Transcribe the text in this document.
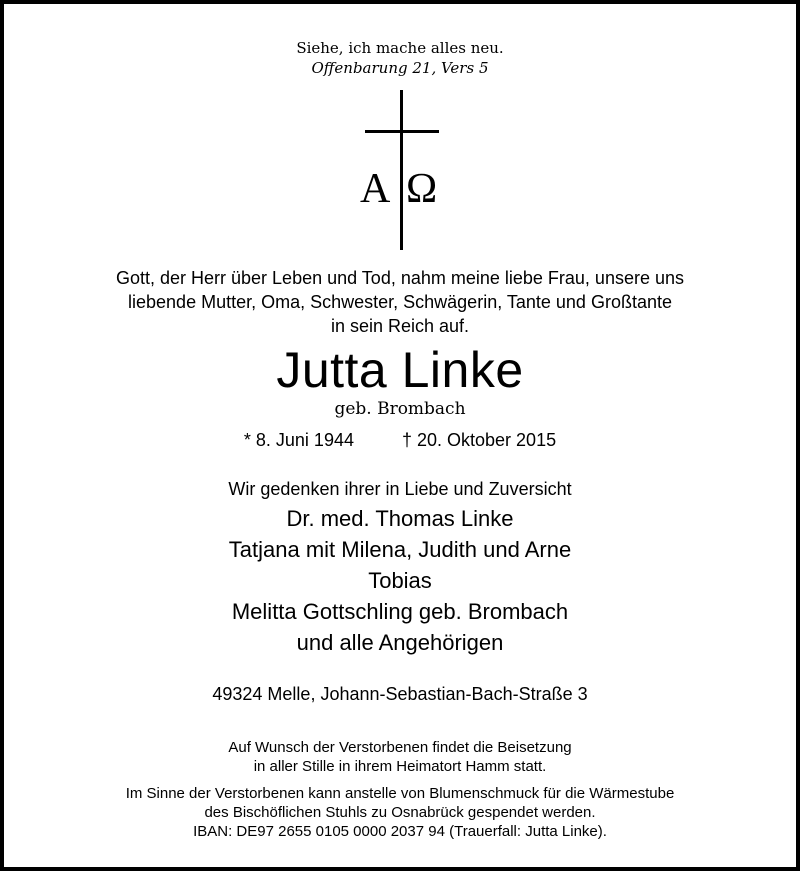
Siehe, ich mache alles neu.
Offenbarung 21, Vers 5
A Ω
Gott, der Herr über Leben und Tod, nahm meine liebe Frau, unsere uns
liebende Mutter, Oma, Schwester, Schwägerin, Tante und Großtante
in sein Reich auf.
Jutta Linke
geb. Brombach
* 8. Juni 1944	† 20. Oktober 2015
Wir gedenken ihrer in Liebe und Zuversicht
Dr. med. Thomas Linke
Tatjana mit Milena, Judith und Arne
Tobias
Melitta Gottschling geb. Brombach
und alle Angehörigen
49324 Melle, Johann-Sebastian-Bach-Straße 3
Auf Wunsch der Verstorbenen findet die Beisetzung
in aller Stille in ihrem Heimatort Hamm statt.
Im Sinne der Verstorbenen kann anstelle von Blumenschmuck für die Wärmestube
des Bischöflichen Stuhls zu Osnabrück gespendet werden.
IBAN: DE97 2655 0105 0000 2037 94 (Trauerfall: Jutta Linke).
